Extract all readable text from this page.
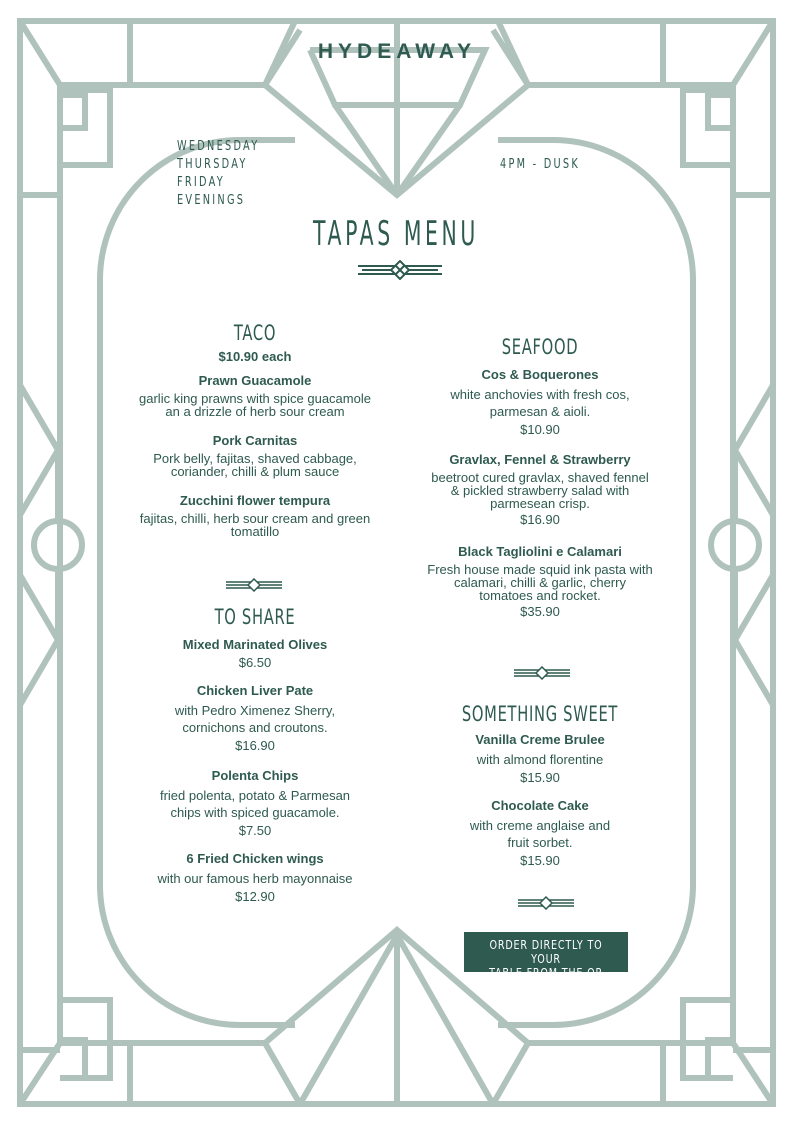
HYDEAWAY
WEDNESDAY
THURSDAY
FRIDAY
EVENINGS
4PM - DUSK
TAPAS MENU
TACO
$10.90 each
Prawn Guacamole
garlic king prawns with spice guacamole
an a drizzle of herb sour cream
Pork Carnitas
Pork belly, fajitas, shaved cabbage,
coriander, chilli & plum sauce
Zucchini flower tempura
fajitas, chilli, herb sour cream and green
tomatillo
TO SHARE
Mixed Marinated Olives
$6.50
Chicken Liver Pate
with Pedro Ximenez Sherry,
cornichons and croutons.
$16.90
Polenta Chips
fried polenta, potato & Parmesan
chips with spiced guacamole.
$7.50
6 Fried Chicken wings
with our famous herb mayonnaise
$12.90
SEAFOOD
Cos & Boquerones
white anchovies with fresh cos,
parmesan & aioli.
$10.90
Gravlax, Fennel & Strawberry
beetroot cured gravlax, shaved fennel
& pickled strawberry salad with
parmesean crisp.
$16.90
Black Tagliolini e Calamari
Fresh house made squid ink pasta with
calamari, chilli & garlic, cherry
tomatoes and rocket.
$35.90
SOMETHING SWEET
Vanilla Creme Brulee
with almond florentine
$15.90
Chocolate Cake
with creme anglaise and
fruit sorbet.
$15.90
ORDER DIRECTLY TO YOUR
TABLE FROM THE QR CODE
